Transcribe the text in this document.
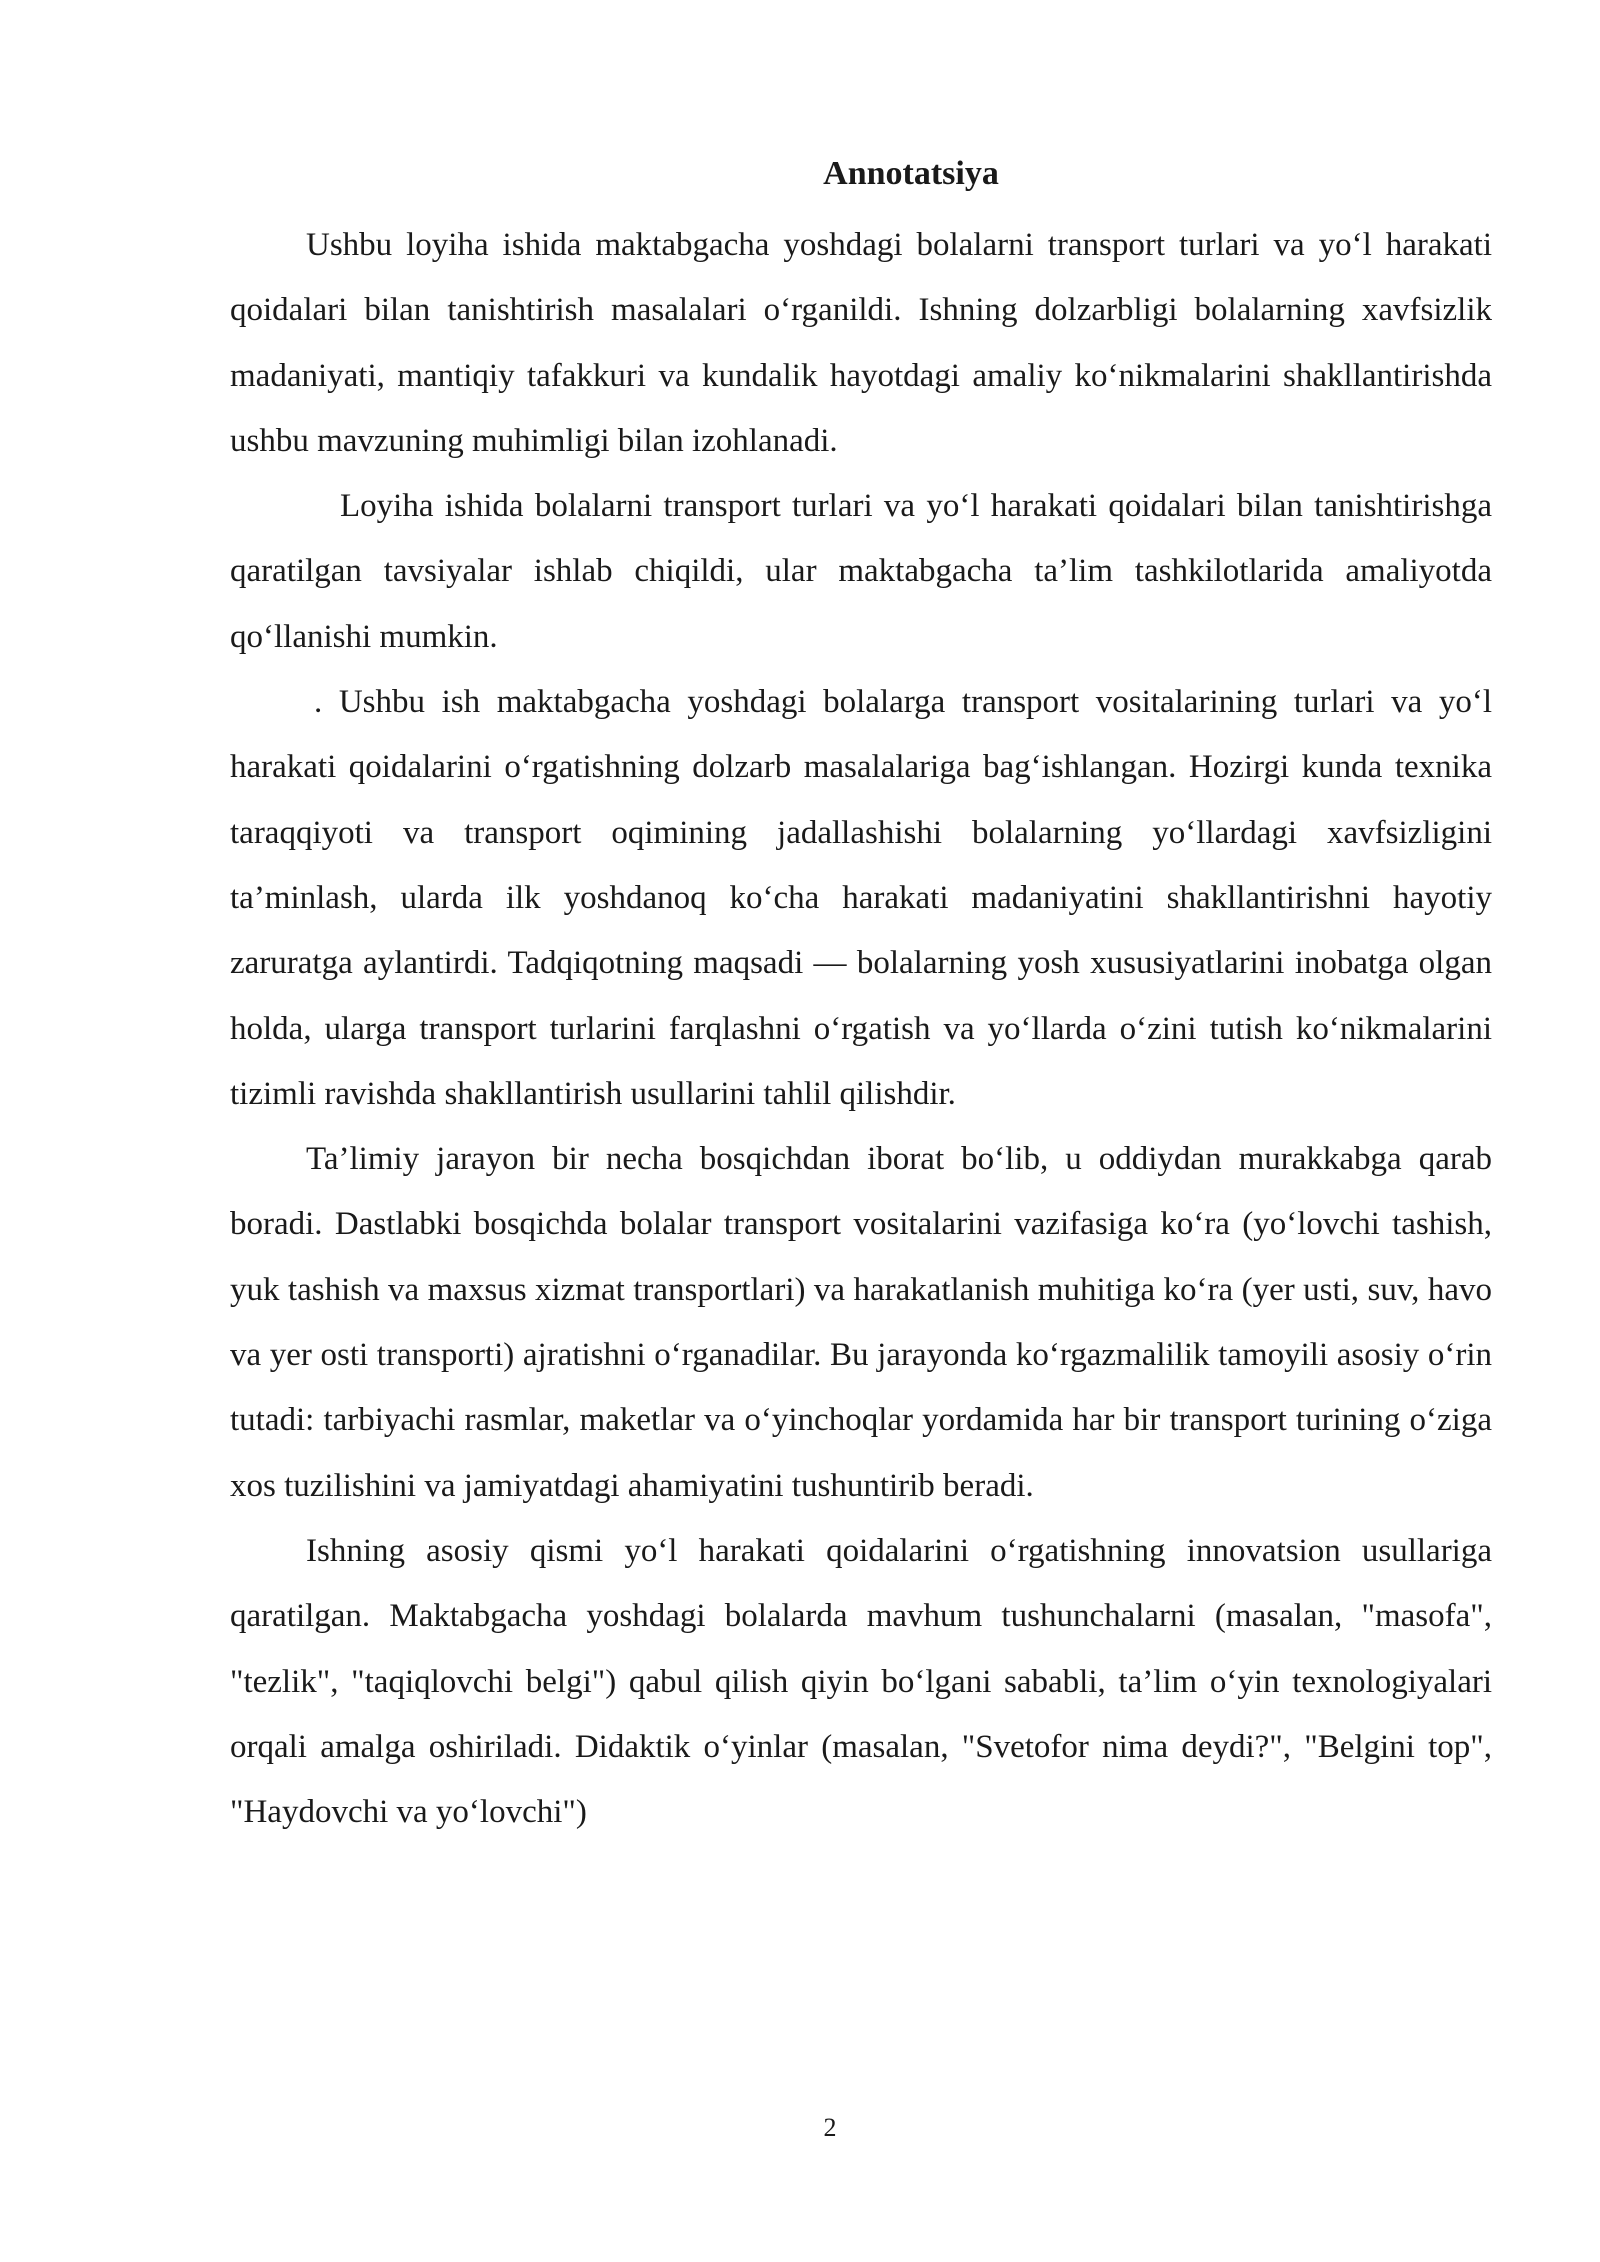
Annotatsiya

Ushbu loyiha ishida maktabgacha yoshdagi bolalarni transport turlari va yo‘l harakati qoidalari bilan tanishtirish masalalari o‘rganildi. Ishning dolzarbligi bolalarning xavfsizlik madaniyati, mantiqiy tafakkuri va kundalik hayotdagi amaliy ko‘nikmalarini shakllantirishda ushbu mavzuning muhimligi bilan izohlanadi.

Loyiha ishida bolalarni transport turlari va yo‘l harakati qoidalari bilan tanishtirishga qaratilgan tavsiyalar ishlab chiqildi, ular maktabgacha ta’lim tashkilotlarida amaliyotda qo‘llanishi mumkin.

. Ushbu ish maktabgacha yoshdagi bolalarga transport vositalarining turlari va yo‘l harakati qoidalarini o‘rgatishning dolzarb masalalariga bag‘ishlangan. Hozirgi kunda texnika taraqqiyoti va transport oqimining jadallashishi bolalarning yo‘llardagi xavfsizligini ta’minlash, ularda ilk yoshdanoq ko‘cha harakati madaniyatini shakllantirishni hayotiy zaruratga aylantirdi. Tadqiqotning maqsadi — bolalarning yosh xususiyatlarini inobatga olgan holda, ularga transport turlarini farqlashni o‘rgatish va yo‘llarda o‘zini tutish ko‘nikmalarini tizimli ravishda shakllantirish usullarini tahlil qilishdir.

Ta’limiy jarayon bir necha bosqichdan iborat bo‘lib, u oddiydan murakkabga qarab boradi. Dastlabki bosqichda bolalar transport vositalarini vazifasiga ko‘ra (yo‘lovchi tashish, yuk tashish va maxsus xizmat transportlari) va harakatlanish muhitiga ko‘ra (yer usti, suv, havo va yer osti transporti) ajratishni o‘rganadilar. Bu jarayonda ko‘rgazmalilik tamoyili asosiy o‘rin tutadi: tarbiyachi rasmlar, maketlar va o‘yinchoqlar yordamida har bir transport turining o‘ziga xos tuzilishini va jamiyatdagi ahamiyatini tushuntirib beradi.

Ishning asosiy qismi yo‘l harakati qoidalarini o‘rgatishning innovatsion usullariga qaratilgan. Maktabgacha yoshdagi bolalarda mavhum tushunchalarni (masalan, "masofa", "tezlik", "taqiqlovchi belgi") qabul qilish qiyin bo‘lgani sababli, ta’lim o‘yin texnologiyalari orqali amalga oshiriladi. Didaktik o‘yinlar (masalan, "Svetofor nima deydi?", "Belgini top", "Haydovchi va yo‘lovchi")

2
